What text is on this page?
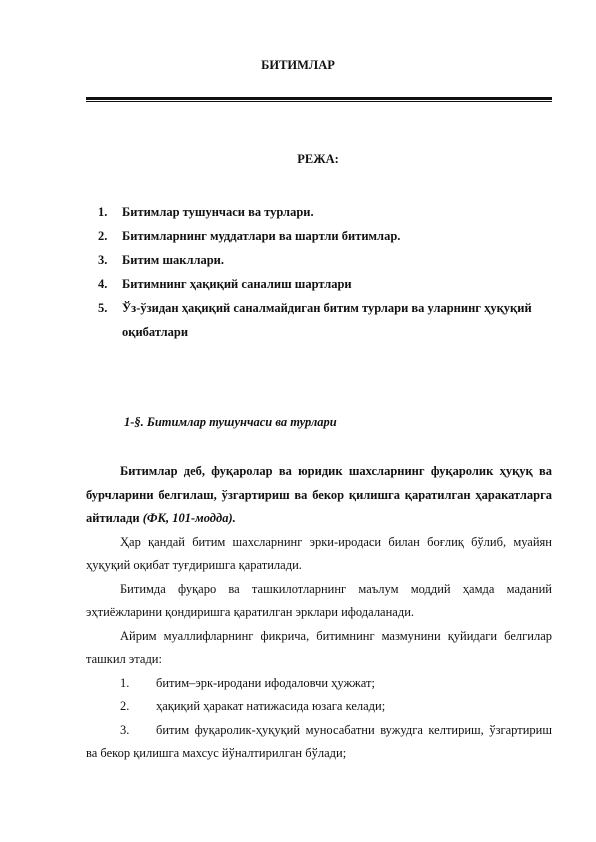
БИТИМЛАР
РЕЖА:
1. Битимлар тушунчаси ва турлари.
2. Битимларнинг муддатлари ва шартли битимлар.
3. Битим шакллари.
4. Битимнинг ҳақиқий саналиш шартлари
5. Ўз-ўзидан ҳақиқий саналмайдиган битим турлари ва уларнинг ҳуқуқий оқибатлари
1-§. Битимлар тушунчаси ва турлари

Битимлар деб, фуқаролар ва юридик шахсларнинг фуқаролик ҳуқуқ ва бурчларини белгилаш, ўзгартириш ва бекор қилишга қаратилган ҳаракатларга айтилади (ФК, 101-модда).

Ҳар қандай битим шахсларнинг эрки-иродаси билан боғлиқ бўлиб, муайян ҳуқуқий оқибат туғдиришга қаратилади.

Битимда фуқаро ва ташкилотларнинг маълум моддий ҳамда маданий эҳтиёжларини қондиришга қаратилган эрклари ифодаланади.

Айрим муаллифларнинг фикрича, битимнинг мазмунини қуйидаги белгилар ташкил этади:

1.	битим–эрк-иродани ифодаловчи ҳужжат;
2.	ҳақиқий ҳаракат натижасида юзага келади;

3. битим фуқаролик-ҳуқуқий муносабатни вужудга келтириш, ўзгартириш ва бекор қилишга махсус йўналтирилган бўлади;
